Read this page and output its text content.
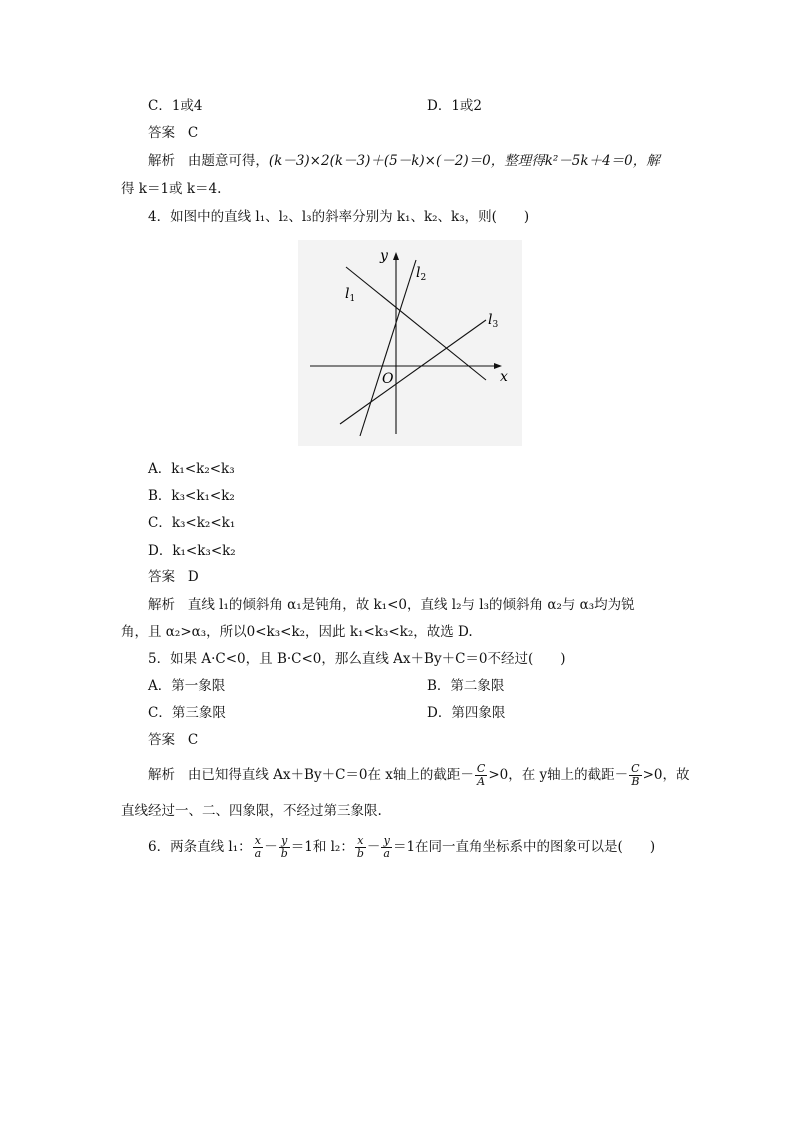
C．1或4	D．1或2
答案 C
解析 由题意可得，(k－3)×2(k－3)＋(5－k)×(－2)＝0，整理得k²－5k＋4＝0，解
得 k＝1或 k＝4.
4．如图中的直线 l₁、l₂、l₃的斜率分别为 k₁、k₂、k₃，则(　　)
y
x
O
$l_1$
$l_2$
$l_3$
A．k₁<k₂<k₃
B．k₃<k₁<k₂
C．k₃<k₂<k₁
D．k₁<k₃<k₂
答案 D
解析 直线 l₁的倾斜角 α₁是钝角，故 k₁<0，直线 l₂与 l₃的倾斜角 α₂与 α₃均为锐
角，且 α₂>α₃，所以0<k₃<k₂，因此 k₁<k₃<k₂，故选 D.
5．如果 A·C<0，且 B·C<0，那么直线 Ax＋By＋C＝0不经过(　　)
A．第一象限	B．第二象限
C．第三象限	D．第四象限
答案 C
解析 由已知得直线 Ax＋By＋C＝0在 x轴上的截距－ $\frac{C}{A} >0$，在 y轴上的截距－ $\frac{C}{B} >0$，故
直线经过一、二、四象限，不经过第三象限.
6．两条直线 l₁： $\frac{x}{a} - \frac{y}{b} =1$和 l₂： $\frac{x}{b} - \frac{y}{a} =1$在同一直角坐标系中的图象可以是(　　)
